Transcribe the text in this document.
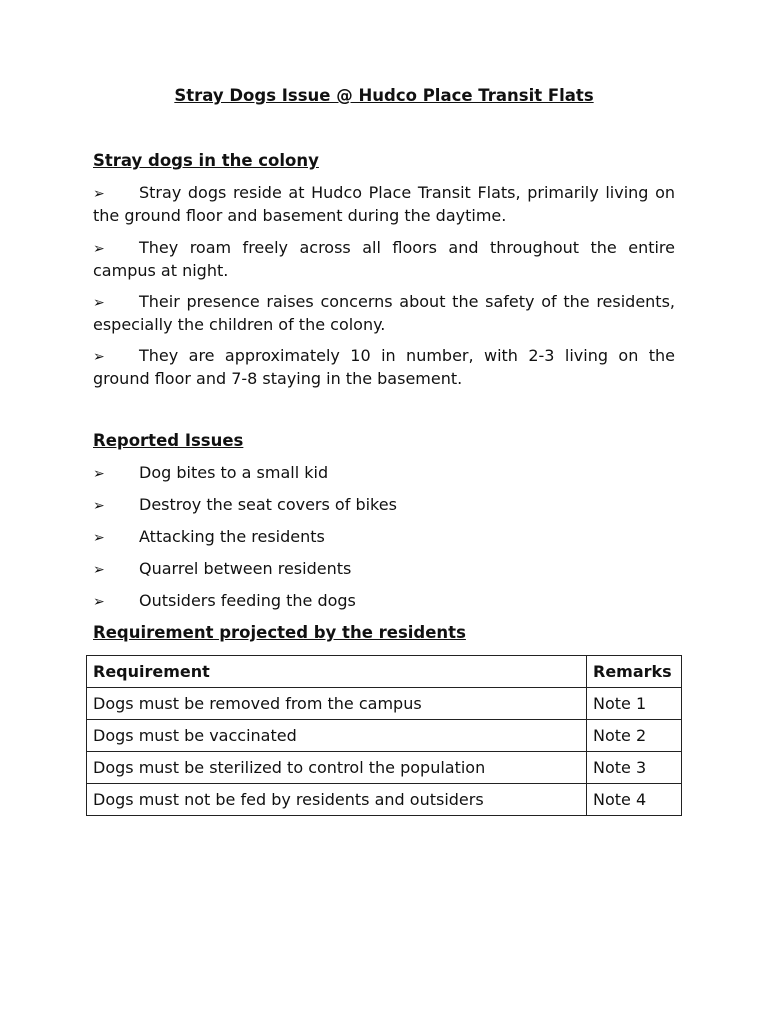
Stray Dogs Issue @ Hudco Place Transit Flats
Stray dogs in the colony
➢ Stray dogs reside at Hudco Place Transit Flats, primarily living on the ground floor and basement during the daytime.
➢ They roam freely across all floors and throughout the entire campus at night.
➢ Their presence raises concerns about the safety of the residents, especially the children of the colony.
➢ They are approximately 10 in number, with 2-3 living on the ground floor and 7-8 staying in the basement.
Reported Issues
➢ Dog bites to a small kid
➢ Destroy the seat covers of bikes
➢ Attacking the residents
➢ Quarrel between residents
➢ Outsiders feeding the dogs
Requirement projected by the residents
Requirement	Remarks
Dogs must be removed from the campus	Note 1
Dogs must be vaccinated	Note 2
Dogs must be sterilized to control the population	Note 3
Dogs must not be fed by residents and outsiders	Note 4
